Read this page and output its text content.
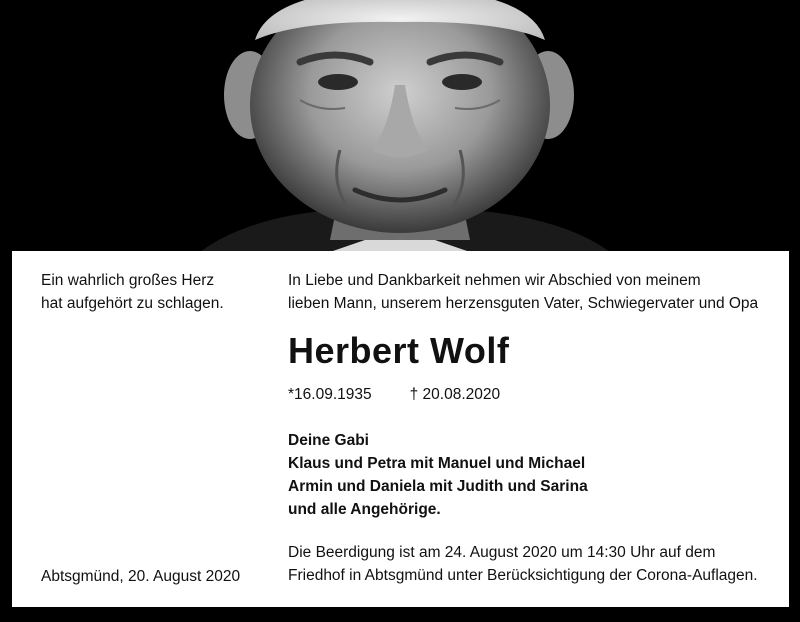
Ein wahrlich großes Herz
hat aufgehört zu schlagen.
In Liebe und Dankbarkeit nehmen wir Abschied von meinem
lieben Mann, unserem herzensguten Vater, Schwiegervater und Opa
Herbert Wolf
*16.09.1935 † 20.08.2020
Deine Gabi
Klaus und Petra mit Manuel und Michael
Armin und Daniela mit Judith und Sarina
und alle Angehörige.
Die Beerdigung ist am 24. August 2020 um 14:30 Uhr auf dem
Friedhof in Abtsgmünd unter Berücksichtigung der Corona-Auflagen.
Abtsgmünd, 20. August 2020
